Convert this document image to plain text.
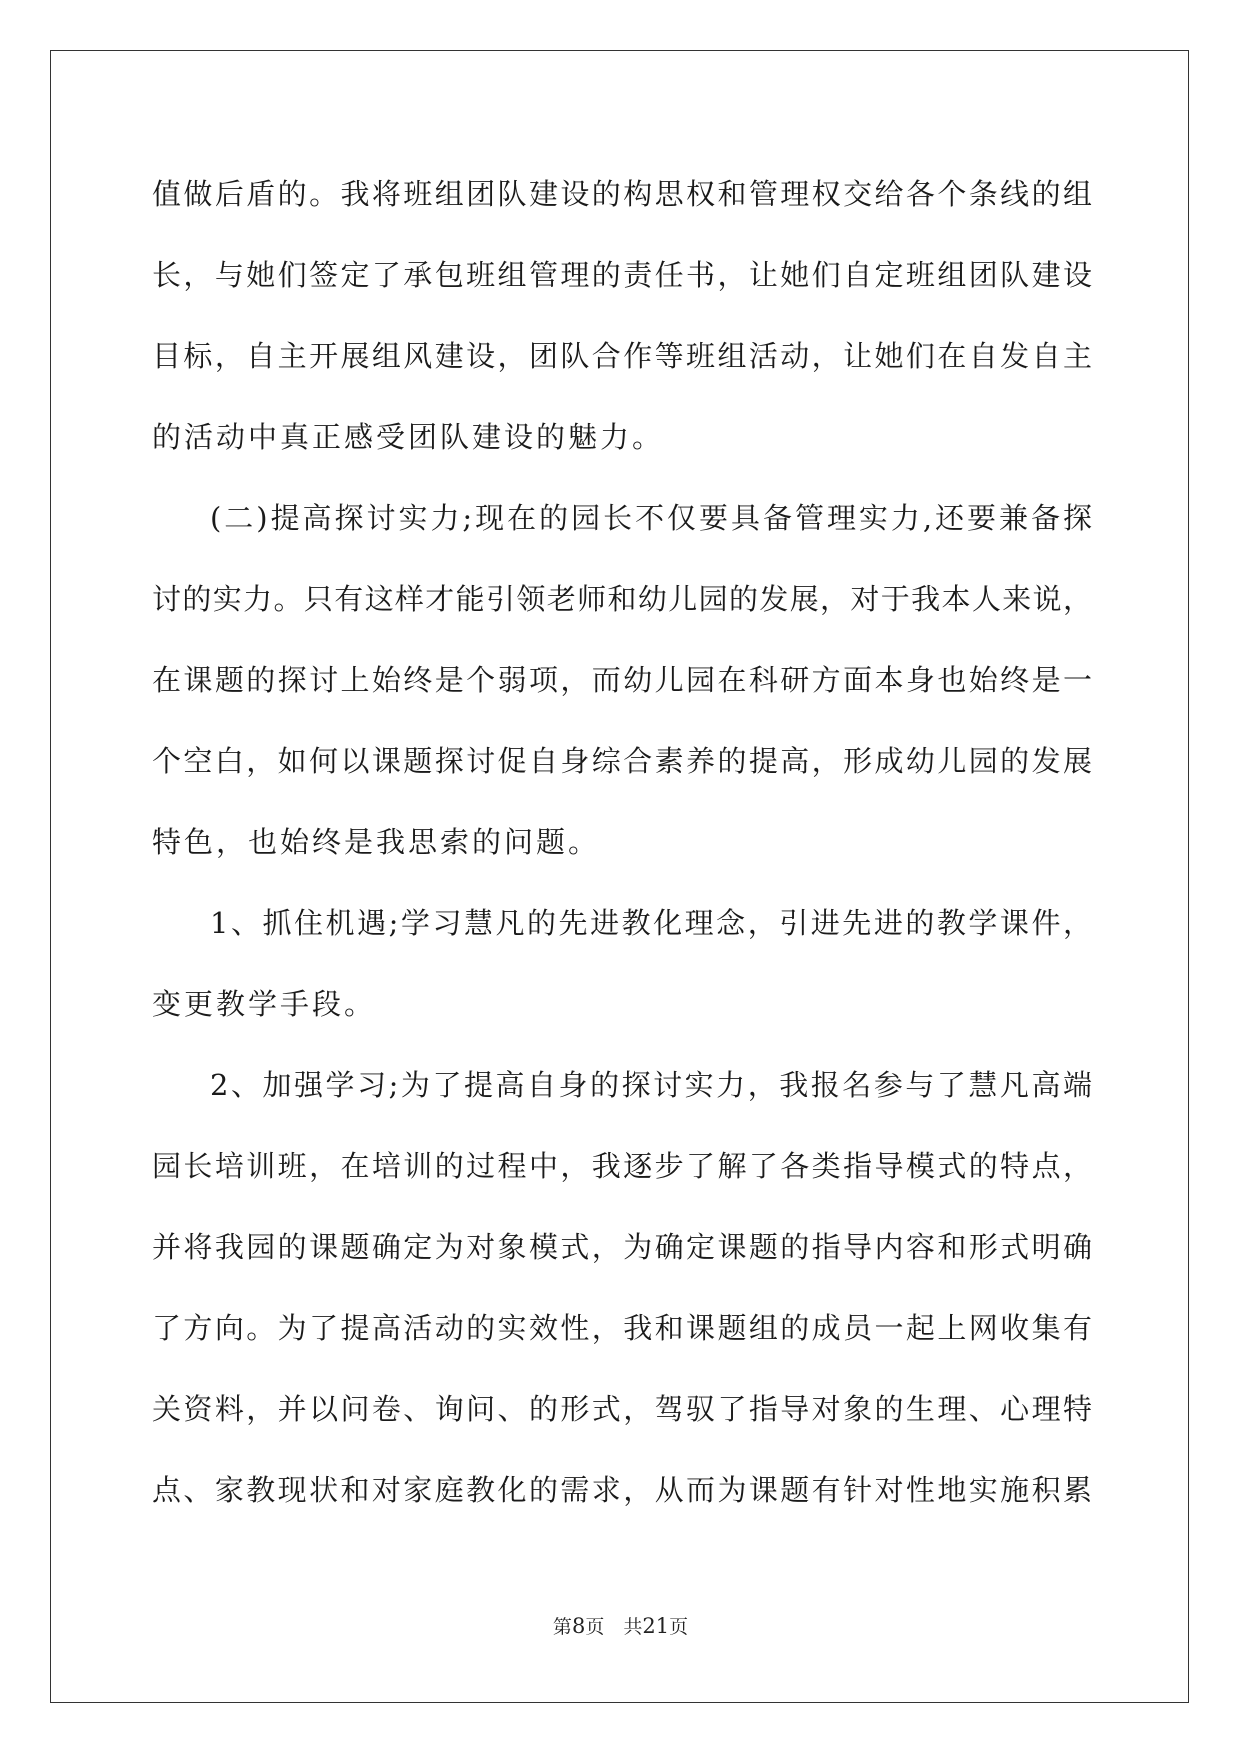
值做后盾的。我将班组团队建设的构思权和管理权交给各个条线的组
长，与她们签定了承包班组管理的责任书，让她们自定班组团队建设
目标，自主开展组风建设，团队合作等班组活动，让她们在自发自主
的活动中真正感受团队建设的魅力。
(二)提高探讨实力;现在的园长不仅要具备管理实力,还要兼备探
讨的实力。只有这样才能引领老师和幼儿园的发展，对于我本人来说，
在课题的探讨上始终是个弱项，而幼儿园在科研方面本身也始终是一
个空白，如何以课题探讨促自身综合素养的提高，形成幼儿园的发展
特色，也始终是我思索的问题。
1、抓住机遇;学习慧凡的先进教化理念，引进先进的教学课件，
变更教学手段。
2、加强学习;为了提高自身的探讨实力，我报名参与了慧凡高端
园长培训班，在培训的过程中，我逐步了解了各类指导模式的特点，
并将我园的课题确定为对象模式，为确定课题的指导内容和形式明确
了方向。为了提高活动的实效性，我和课题组的成员一起上网收集有
关资料，并以问卷、询问、的形式，驾驭了指导对象的生理、心理特
点、家教现状和对家庭教化的需求，从而为课题有针对性地实施积累
第8页　共21页
